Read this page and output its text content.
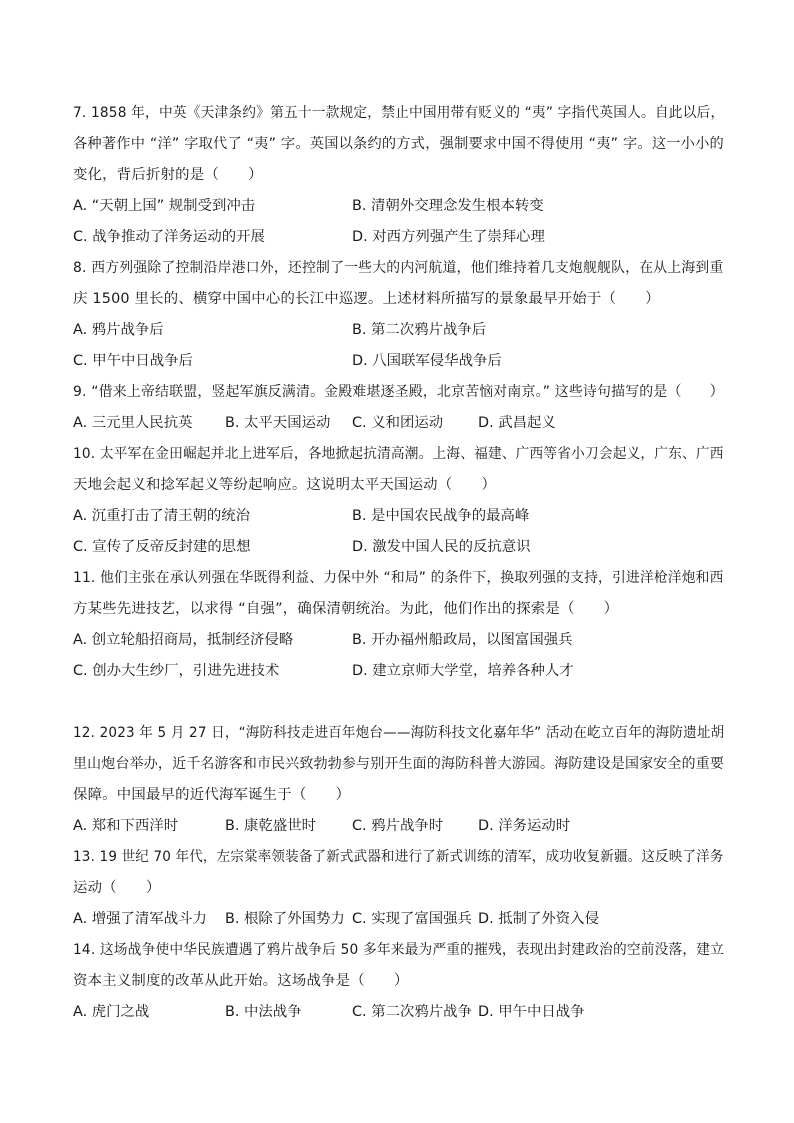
7. 1858 年，中英《天津条约》第五十一款规定，禁止中国用带有贬义的 “夷” 字指代英国人。自此以后，
各种著作中 “洋” 字取代了 “夷” 字。英国以条约的方式，强制要求中国不得使用 “夷” 字。这一小小的
变化，背后折射的是（　　）
A. “天朝上国” 规制受到冲击	B. 清朝外交理念发生根本转变
C. 战争推动了洋务运动的开展	D. 对西方列强产生了崇拜心理
8. 西方列强除了控制沿岸港口外，还控制了一些大的内河航道，他们维持着几支炮舰舰队，在从上海到重
庆 1500 里长的、横穿中国中心的长江中巡逻。上述材料所描写的景象最早开始于（　　）
A. 鸦片战争后	B. 第二次鸦片战争后
C. 甲午中日战争后	D. 八国联军侵华战争后
9. “借来上帝结联盟，竖起军旗反满清。金殿难堪逐圣殿，北京苦恼对南京。” 这些诗句描写的是（　　）
A. 三元里人民抗英 B. 太平天国运动 C. 义和团运动 D. 武昌起义
10. 太平军在金田崛起并北上进军后，各地掀起抗清高潮。上海、福建、广西等省小刀会起义，广东、广西
天地会起义和捻军起义等纷起响应。这说明太平天国运动（　　）
A. 沉重打击了清王朝的统治	B. 是中国农民战争的最高峰
C. 宣传了反帝反封建的思想	D. 激发中国人民的反抗意识
11. 他们主张在承认列强在华既得利益、力保中外 “和局” 的条件下，换取列强的支持，引进洋枪洋炮和西
方某些先进技艺，以求得 “自强”，确保清朝统治。为此，他们作出的探索是（　　）
A. 创立轮船招商局，抵制经济侵略	B. 开办福州船政局，以图富国强兵
C. 创办大生纱厂，引进先进技术	D. 建立京师大学堂，培养各种人才
12. 2023 年 5 月 27 日，“海防科技走进百年炮台——海防科技文化嘉年华” 活动在屹立百年的海防遗址胡
里山炮台举办，近千名游客和市民兴致勃勃参与别开生面的海防科普大游园。海防建设是国家安全的重要
保障。中国最早的近代海军诞生于（　　）
A. 郑和下西洋时	B. 康乾盛世时	C. 鸦片战争时 D. 洋务运动时
13. 19 世纪 70 年代，左宗棠率领装备了新式武器和进行了新式训练的清军，成功收复新疆。这反映了洋务
运动（　　）
A. 增强了清军战斗力 B. 根除了外国势力 C. 实现了富国强兵 D. 抵制了外资入侵
14. 这场战争使中华民族遭遇了鸦片战争后 50 多年来最为严重的摧残，表现出封建政治的空前没落，建立
资本主义制度的改革从此开始。这场战争是（　　）
A. 虎门之战	B. 中法战争	C. 第二次鸦片战争 D. 甲午中日战争
